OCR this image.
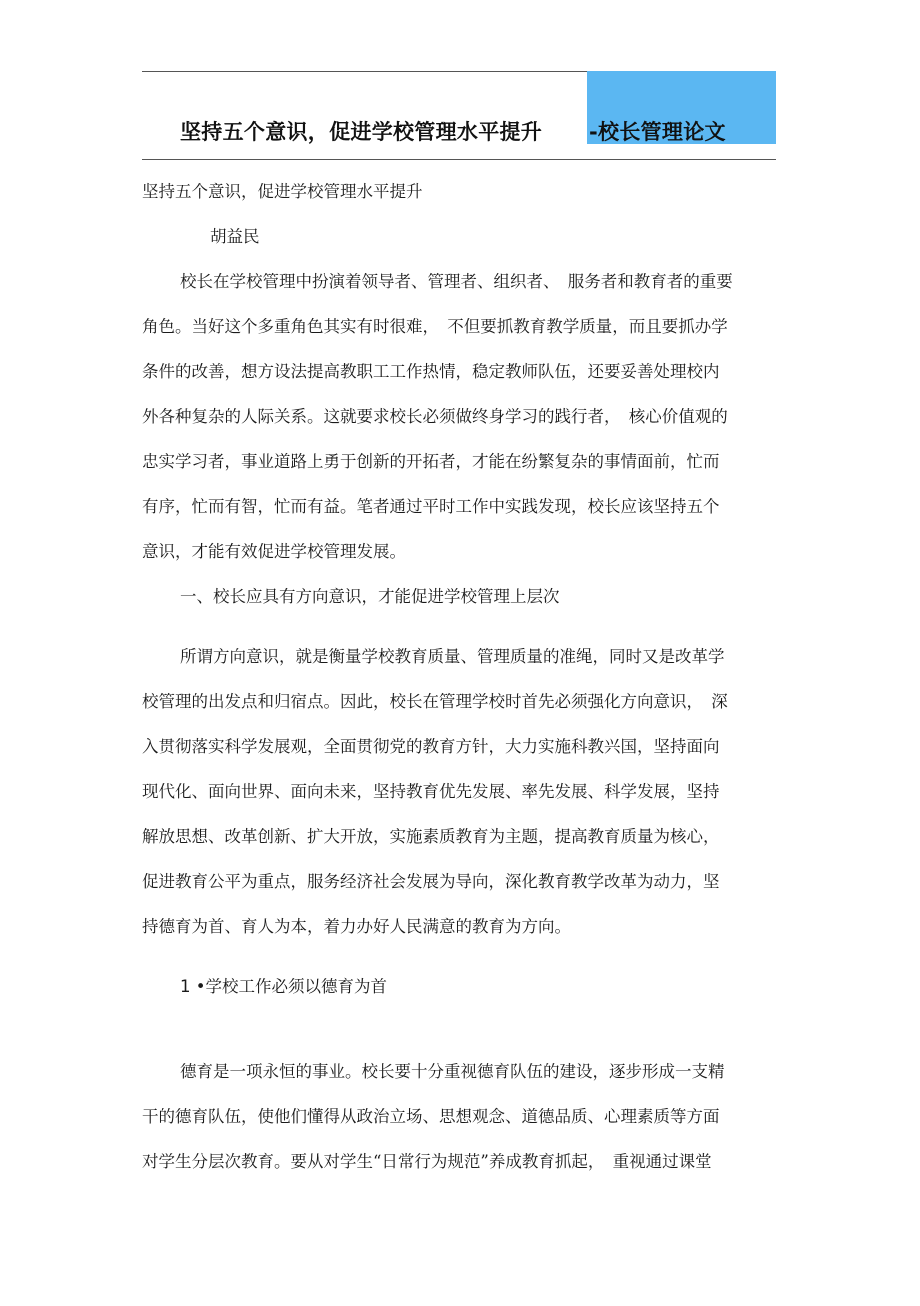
坚持五个意识，促进学校管理水平提升 -校长管理论文
坚持五个意识，促进学校管理水平提升
胡益民
校长在学校管理中扮演着领导者、管理者、组织者、　服务者和教育者的重要
角色。当好这个多重角色其实有时很难，　不但要抓教育教学质量，而且要抓办学
条件的改善，想方设法提高教职工工作热情，稳定教师队伍，还要妥善处理校内
外各种复杂的人际关系。这就要求校长必须做终身学习的践行者，　核心价值观的
忠实学习者，事业道路上勇于创新的开拓者，才能在纷繁复杂的事情面前，忙而
有序，忙而有智，忙而有益。笔者通过平时工作中实践发现，校长应该坚持五个
意识，才能有效促进学校管理发展。
一、校长应具有方向意识，才能促进学校管理上层次
所谓方向意识，就是衡量学校教育质量、管理质量的准绳，同时又是改革学
校管理的出发点和归宿点。因此，校长在管理学校时首先必须强化方向意识，　深
入贯彻落实科学发展观，全面贯彻党的教育方针，大力实施科教兴国，坚持面向
现代化、面向世界、面向未来，坚持教育优先发展、率先发展、科学发展，坚持
解放思想、改革创新、扩大开放，实施素质教育为主题，提高教育质量为核心，
促进教育公平为重点，服务经济社会发展为导向，深化教育教学改革为动力，坚
持德育为首、育人为本，着力办好人民满意的教育为方向。
1 •学校工作必须以德育为首
德育是一项永恒的事业。校长要十分重视德育队伍的建设，逐步形成一支精
干的德育队伍，使他们懂得从政治立场、思想观念、道德品质、心理素质等方面
对学生分层次教育。要从对学生“日常行为规范”养成教育抓起，　重视通过课堂
